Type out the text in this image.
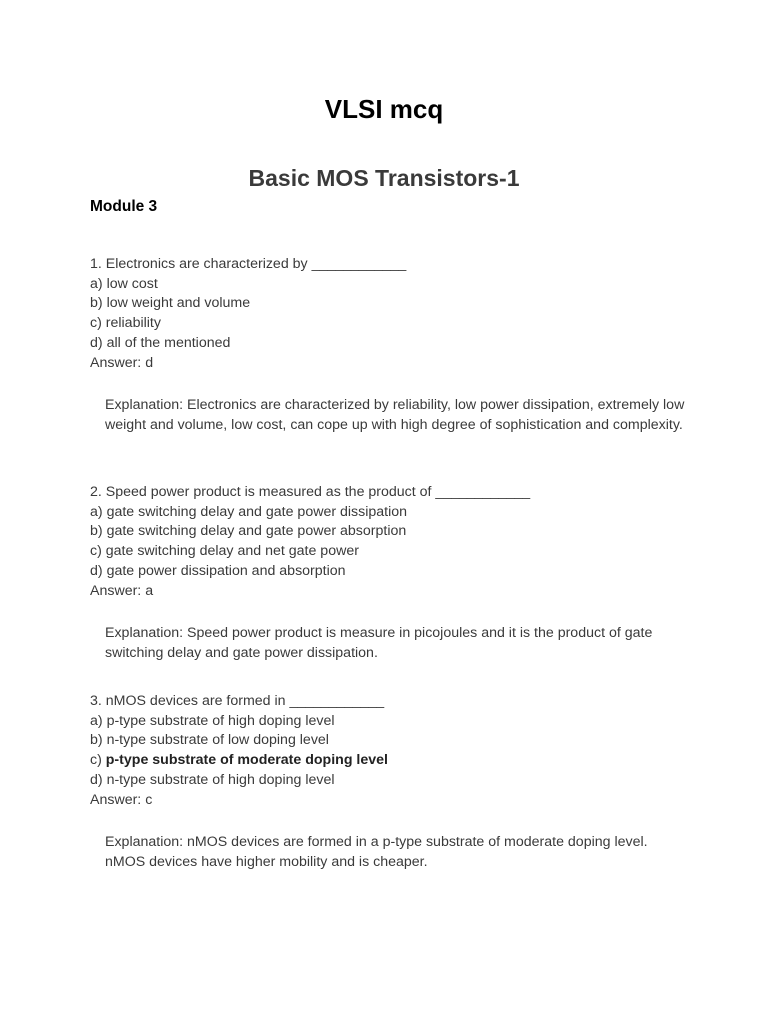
VLSI mcq
Basic MOS Transistors-1
Module 3
1. Electronics are characterized by ____________
a) low cost
b) low weight and volume
c) reliability
d) all of the mentioned
Answer: d
Explanation: Electronics are characterized by reliability, low power dissipation, extremely low weight and volume, low cost, can cope up with high degree of sophistication and complexity.
2. Speed power product is measured as the product of ____________
a) gate switching delay and gate power dissipation
b) gate switching delay and gate power absorption
c) gate switching delay and net gate power
d) gate power dissipation and absorption
Answer: a
Explanation: Speed power product is measure in picojoules and it is the product of gate switching delay and gate power dissipation.
3. nMOS devices are formed in ____________
a) p-type substrate of high doping level
b) n-type substrate of low doping level
c) p-type substrate of moderate doping level
d) n-type substrate of high doping level
Answer: c
Explanation: nMOS devices are formed in a p-type substrate of moderate doping level. nMOS devices have higher mobility and is cheaper.
